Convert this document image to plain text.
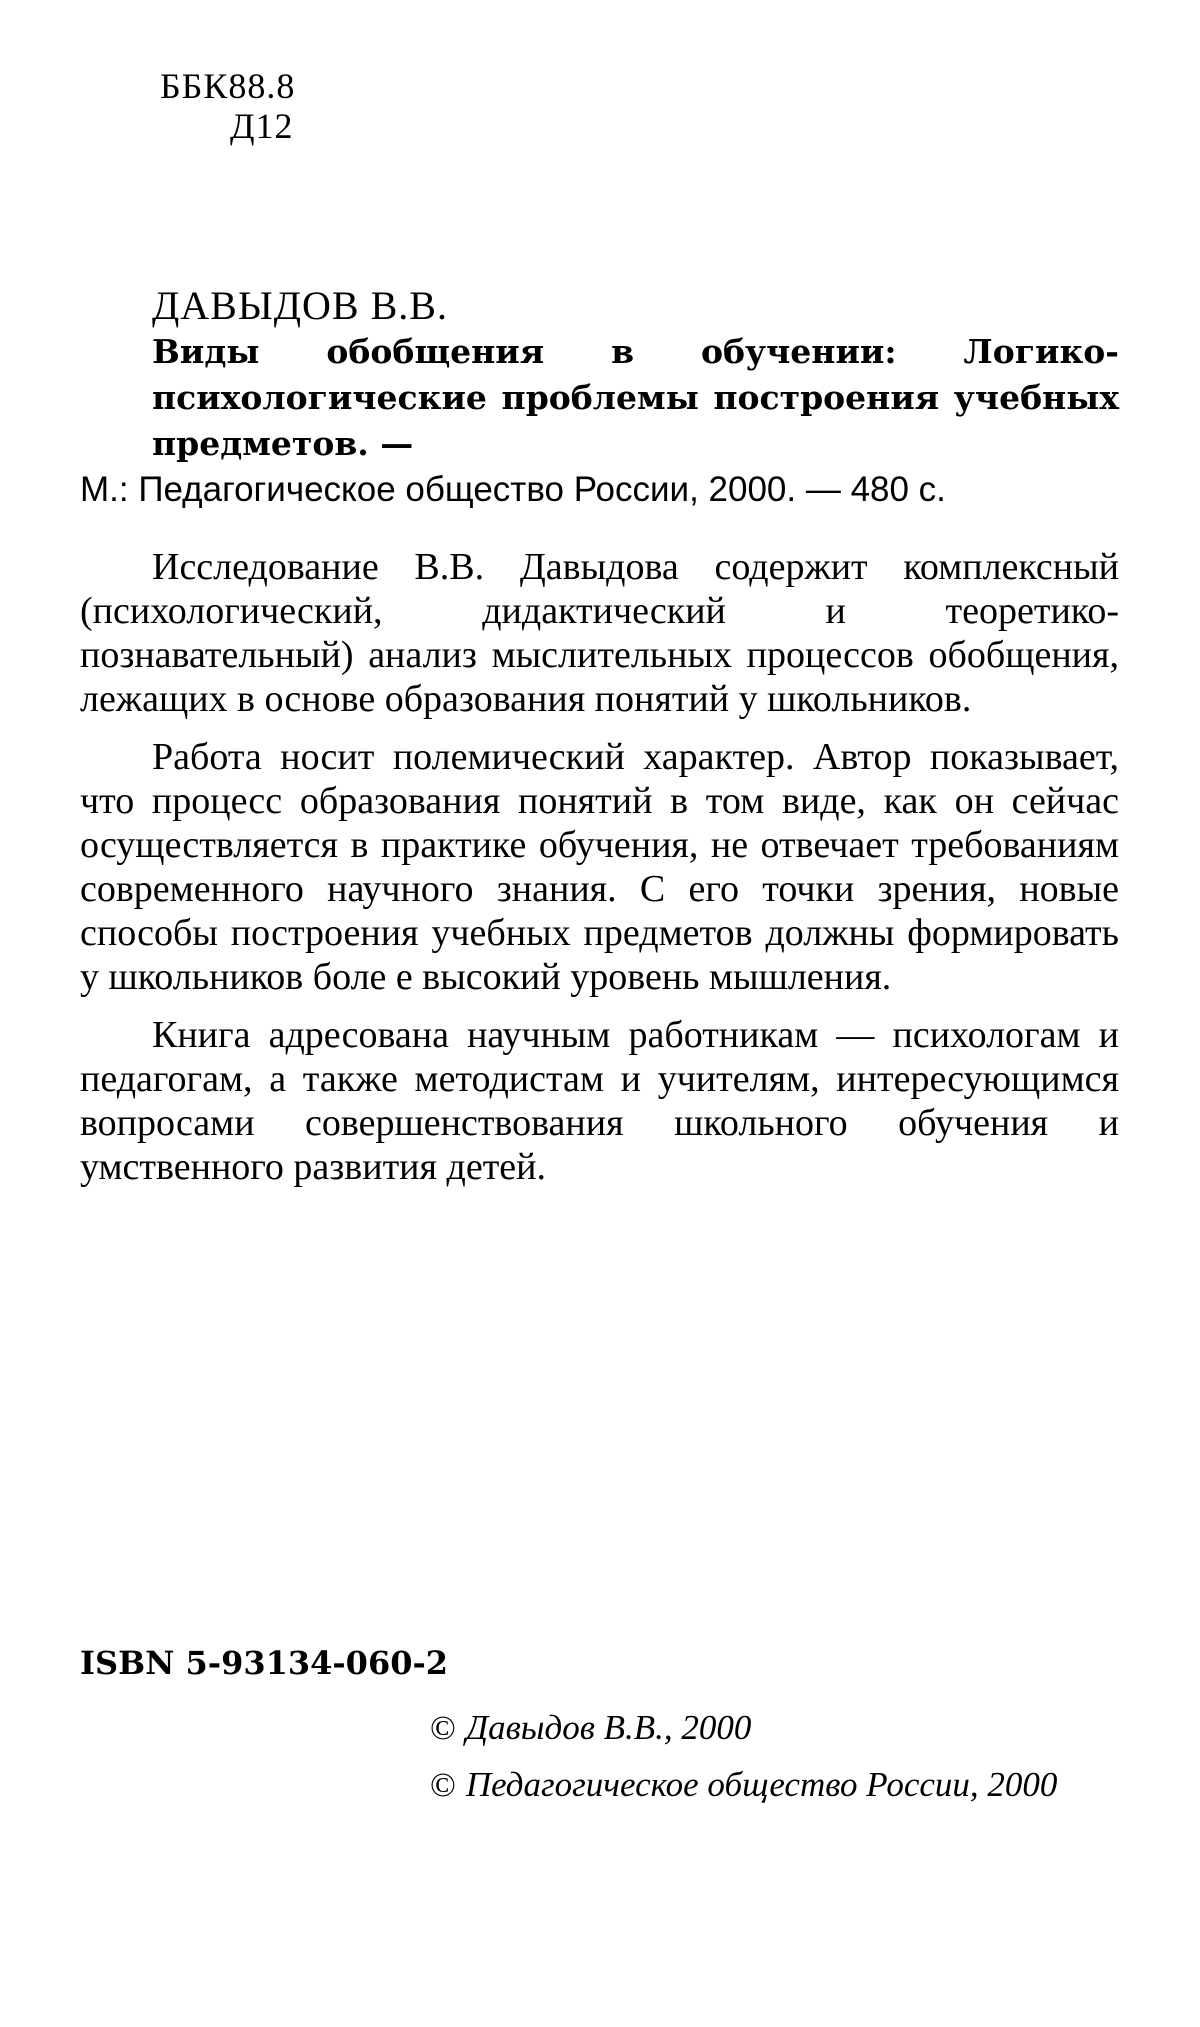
ББК88.8
Д12
ДАВЫДОВ В.В.

Виды обобщения в обучении: Логико-психологические проблемы построения учебных предметов. —

М.: Педагогическое общество России, 2000. — 480 с.

Исследование В.В. Давыдова содержит комплексный (психологический, дидактический и теоретико-познавательный) анализ мыслительных процессов обобщения, лежащих в основе образования понятий у школьников.

Работа носит полемический характер. Автор показывает, что процесс образования понятий в том виде, как он сейчас осуществляется в практике обучения, не отвечает требованиям современного научного знания. С его точки зрения, новые способы построения учебных предметов должны формировать у школьников боле е высокий уровень мышления.

Книга адресована научным работникам — психологам и педагогам, а также методистам и учителям, интересующимся вопросами совершенствования школьного обучения и умственного развития детей.

ISBN 5-93134-060-2
© Давыдов В.В., 2000
© Педагогическое общество России, 2000
